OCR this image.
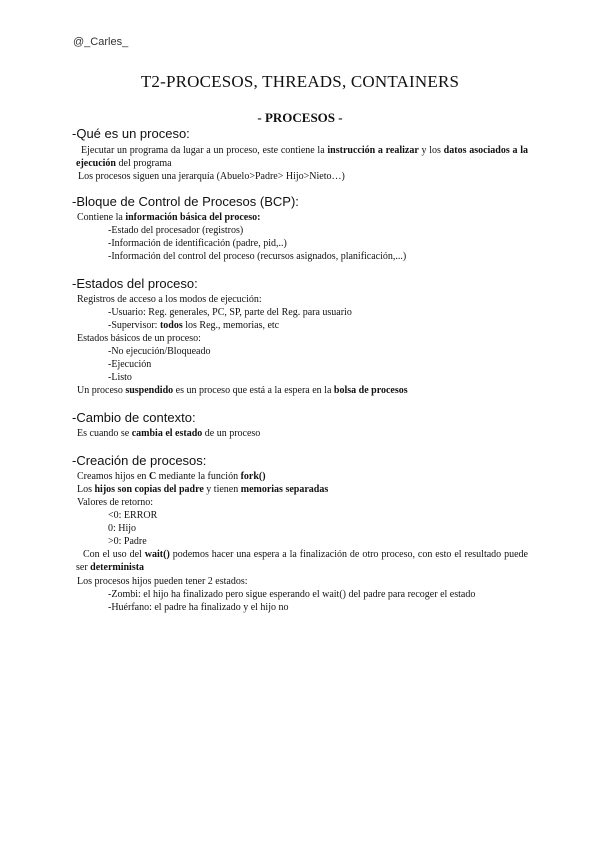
@_Carles_
T2-PROCESOS, THREADS, CONTAINERS
- PROCESOS -
-Qué es un proceso:
Ejecutar un programa da lugar a un proceso, este contiene la instrucción a realizar y los datos asociados a la ejecución del programa
Los procesos siguen una jerarquía (Abuelo>Padre> Hijo>Nieto…)
-Bloque de Control de Procesos (BCP):
Contiene la información básica del proceso:
-Estado del procesador (registros)
-Información de identificación (padre, pid,..)
-Información del control del proceso (recursos asignados, planificación,...)
-Estados del proceso:
Registros de acceso a los modos de ejecución:
-Usuario: Reg. generales, PC, SP, parte del Reg. para usuario
-Supervisor: todos los Reg., memorias, etc
Estados básicos de un proceso:
-No ejecución/Bloqueado
-Ejecución
-Listo
Un proceso suspendido es un proceso que está a la espera en la bolsa de procesos
-Cambio de contexto:
Es cuando se cambia el estado de un proceso
-Creación de procesos:
Creamos hijos en C mediante la función fork()
Los hijos son copias del padre y tienen memorias separadas
Valores de retorno:
<0: ERROR
0: Hijo
>0: Padre
Con el uso del wait() podemos hacer una espera a la finalización de otro proceso, con esto el resultado puede ser determinista
Los procesos hijos pueden tener 2 estados:
-Zombi: el hijo ha finalizado pero sigue esperando el wait() del padre para recoger el estado
-Huérfano: el padre ha finalizado y el hijo no
